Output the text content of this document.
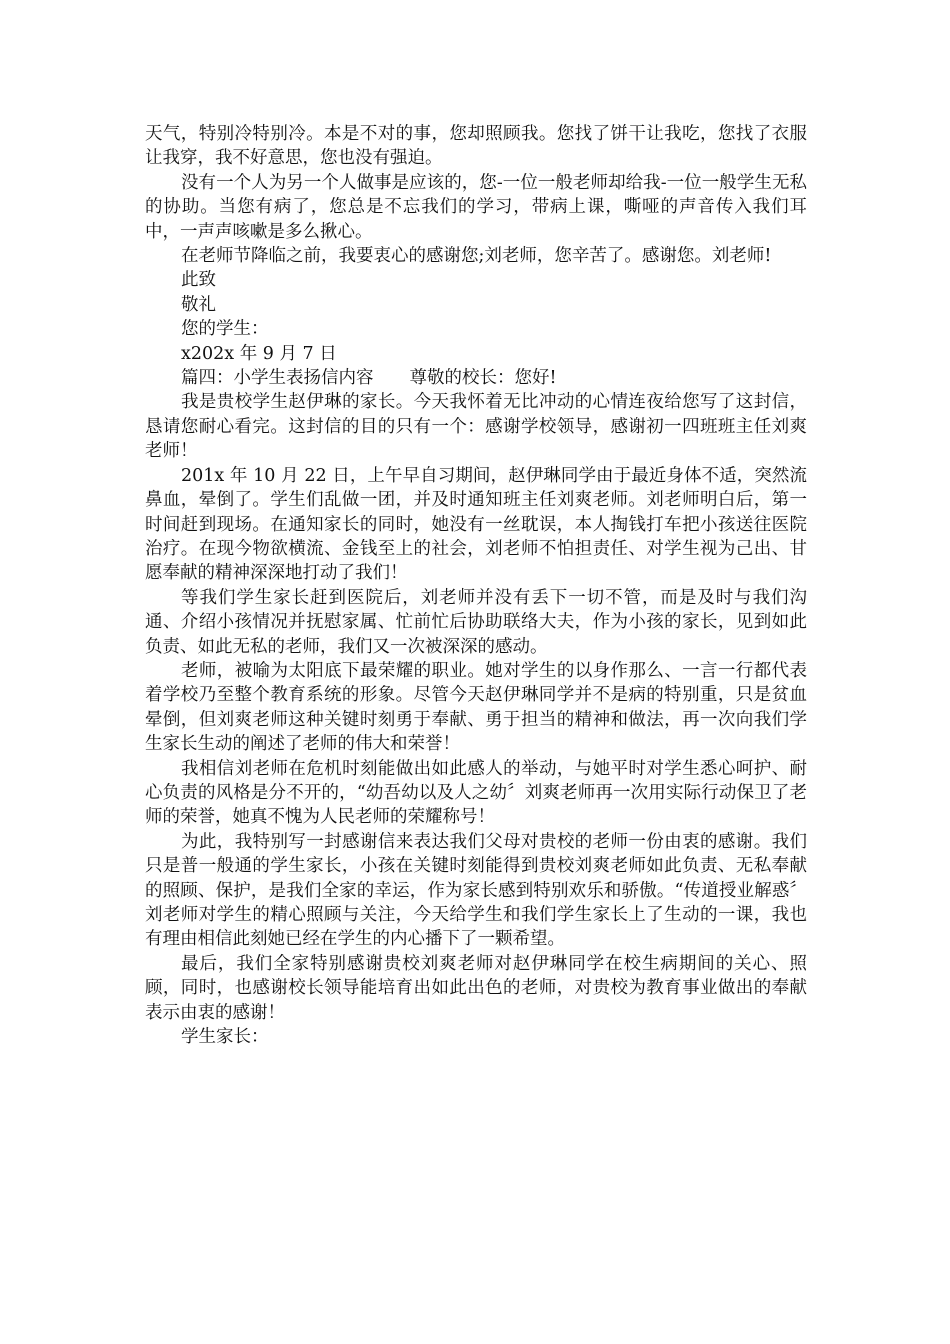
天气，特别冷特别冷。本是不对的事，您却照顾我。您找了饼干让我吃，您找了衣服让我穿，我不好意思，您也没有强迫。

没有一个人为另一个人做事是应该的，您-一位一般老师却给我-一位一般学生无私的协助。当您有病了，您总是不忘我们的学习，带病上课，嘶哑的声音传入我们耳中，一声声咳嗽是多么揪心。

在老师节降临之前，我要衷心的感谢您;刘老师，您辛苦了。感谢您。刘老师!

此致

敬礼

您的学生：

x202x 年 9 月 7 日

篇四：小学生表扬信内容 尊敬的校长：您好!

我是贵校学生赵伊琳的家长。今天我怀着无比冲动的心情连夜给您写了这封信，恳请您耐心看完。这封信的目的只有一个：感谢学校领导，感谢初一四班班主任刘爽老师！

201x 年 10 月 22 日，上午早自习期间，赵伊琳同学由于最近身体不适，突然流鼻血，晕倒了。学生们乱做一团，并及时通知班主任刘爽老师。刘老师明白后，第一时间赶到现场。在通知家长的同时，她没有一丝耽误，本人掏钱打车把小孩送往医院治疗。在现今物欲横流、金钱至上的社会，刘老师不怕担责任、对学生视为己出、甘愿奉献的精神深深地打动了我们！

等我们学生家长赶到医院后，刘老师并没有丢下一切不管，而是及时与我们沟通、介绍小孩情况并抚慰家属、忙前忙后协助联络大夫，作为小孩的家长，见到如此负责、如此无私的老师，我们又一次被深深的感动。

老师，被喻为太阳底下最荣耀的职业。她对学生的以身作那么、一言一行都代表着学校乃至整个教育系统的形象。尽管今天赵伊琳同学并不是病的特别重，只是贫血晕倒，但刘爽老师这种关键时刻勇于奉献、勇于担当的精神和做法，再一次向我们学生家长生动的阐述了老师的伟大和荣誉！

我相信刘老师在危机时刻能做出如此感人的举动，与她平时对学生悉心呵护、耐心负责的风格是分不开的，“幼吾幼以及人之幼〞刘爽老师再一次用实际行动保卫了老师的荣誉，她真不愧为人民老师的荣耀称号！

为此，我特别写一封感谢信来表达我们父母对贵校的老师一份由衷的感谢。我们只是普一般通的学生家长，小孩在关键时刻能得到贵校刘爽老师如此负责、无私奉献的照顾、保护，是我们全家的幸运，作为家长感到特别欢乐和骄傲。“传道授业解惑〞刘老师对学生的精心照顾与关注，今天给学生和我们学生家长上了生动的一课，我也有理由相信此刻她已经在学生的内心播下了一颗希望。

最后，我们全家特别感谢贵校刘爽老师对赵伊琳同学在校生病期间的关心、照顾，同时，也感谢校长领导能培育出如此出色的老师，对贵校为教育事业做出的奉献表示由衷的感谢！

学生家长：
